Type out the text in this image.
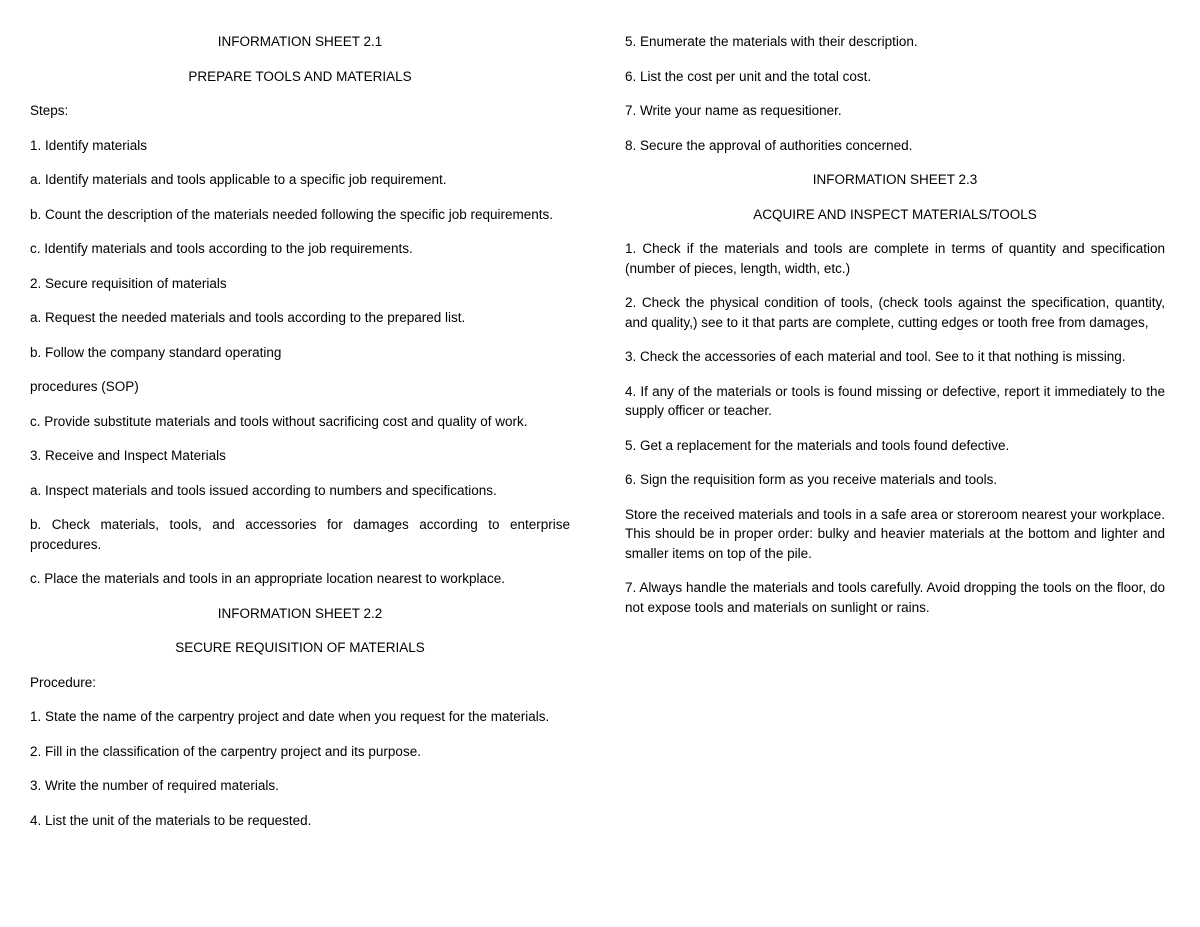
INFORMATION SHEET 2.1
PREPARE TOOLS AND MATERIALS
Steps:
1. Identify materials
a. Identify materials and tools applicable to a specific job requirement.
b. Count the description of the materials needed following the specific job requirements.
c. Identify materials and tools according to the job requirements.
2. Secure requisition of materials
a. Request the needed materials and tools according to the prepared list.
b. Follow the company standard operating
procedures (SOP)
c. Provide substitute materials and tools without sacrificing cost and quality of work.
3. Receive and Inspect Materials
a. Inspect materials and tools issued according to numbers and specifications.
b. Check materials, tools, and accessories for damages according to enterprise procedures.
c. Place the materials and tools in an appropriate location nearest to workplace.
INFORMATION SHEET 2.2
SECURE REQUISITION OF MATERIALS
Procedure:
1. State the name of the carpentry project and date when you request for the materials.
2. Fill in the classification of the carpentry project and its purpose.
3. Write the number of required materials.
4. List the unit of the materials to be requested.
5. Enumerate the materials with their description.
6. List the cost per unit and the total cost.
7. Write your name as requesitioner.
8. Secure the approval of authorities concerned.
INFORMATION SHEET 2.3
ACQUIRE AND INSPECT MATERIALS/TOOLS
1. Check if the materials and tools are complete in terms of quantity and specification (number of pieces, length, width, etc.)
2. Check the physical condition of tools, (check tools against the specification, quantity, and quality,) see to it that parts are complete, cutting edges or tooth free from damages,
3. Check the accessories of each material and tool. See to it that nothing is missing.
4. If any of the materials or tools is found missing or defective, report it immediately to the supply officer or teacher.
5. Get a replacement for the materials and tools found defective.
6. Sign the requisition form as you receive materials and tools.
Store the received materials and tools in a safe area or storeroom nearest your workplace. This should be in proper order: bulky and heavier materials at the bottom and lighter and smaller items on top of the pile.
7. Always handle the materials and tools carefully. Avoid dropping the tools on the floor, do not expose tools and materials on sunlight or rains.
